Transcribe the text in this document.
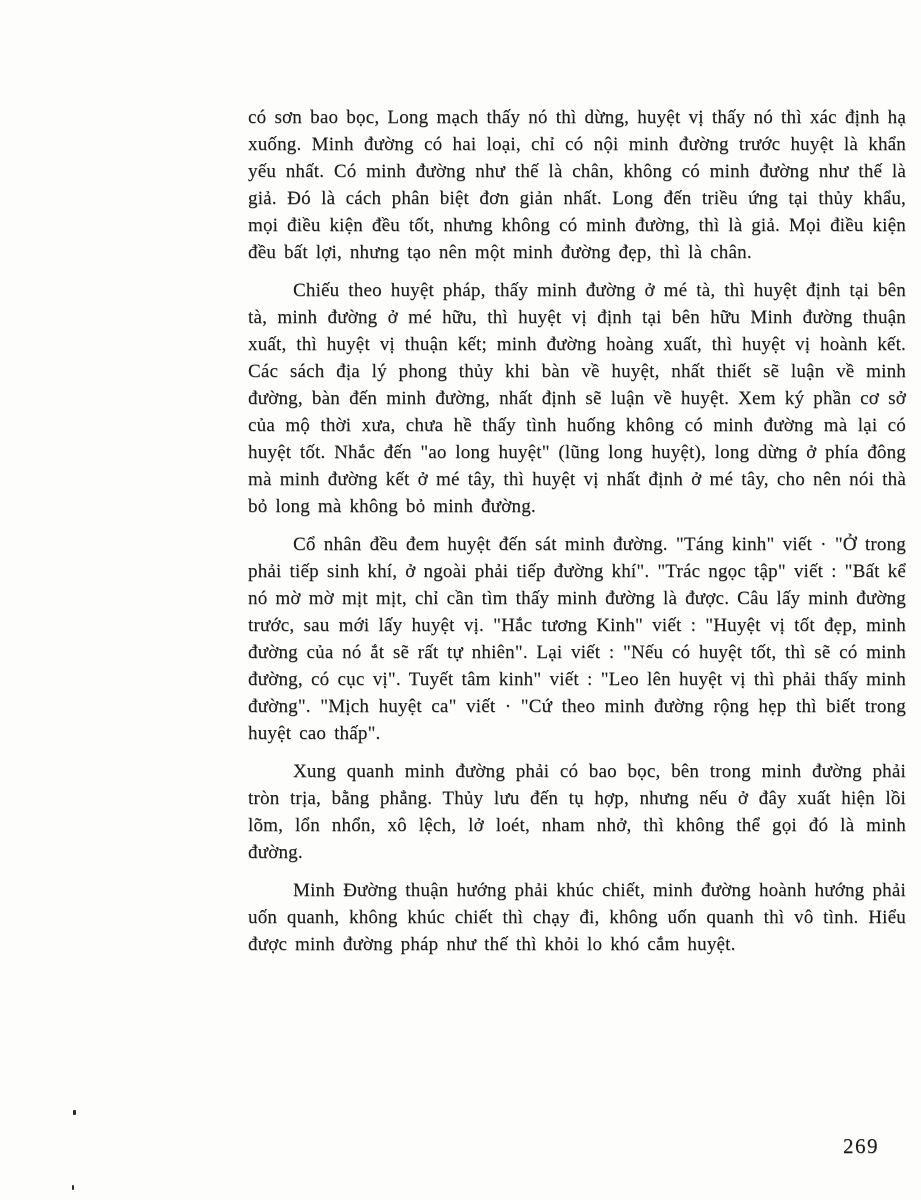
có sơn bao bọc, Long mạch thấy nó thì dừng, huyệt vị thấy nó thì xác định hạ xuống. Minh đường có hai loại, chỉ có nội minh đường trước huyệt là khẩn yếu nhất. Có minh đường như thế là chân, không có minh đường như thế là giả. Đó là cách phân biệt đơn giản nhất. Long đến triều ứng tại thủy khẩu, mọi điều kiện đều tốt, nhưng không có minh đường, thì là giả. Mọi điều kiện đều bất lợi, nhưng tạo nên một minh đường đẹp, thì là chân.

Chiếu theo huyệt pháp, thấy minh đường ở mé tà, thì huyệt định tại bên tà, minh đường ở mé hữu, thì huyệt vị định tại bên hữu Minh đường thuận xuất, thì huyệt vị thuận kết; minh đường hoàng xuất, thì huyệt vị hoành kết. Các sách địa lý phong thủy khi bàn về huyệt, nhất thiết sẽ luận về minh đường, bàn đến minh đường, nhất định sẽ luận về huyệt. Xem ký phần cơ sở của mộ thời xưa, chưa hề thấy tình huống không có minh đường mà lại có huyệt tốt. Nhắc đến "ao long huyệt" (lũng long huyệt), long dừng ở phía đông mà minh đường kết ở mé tây, thì huyệt vị nhất định ở mé tây, cho nên nói thà bỏ long mà không bỏ minh đường.

Cổ nhân đều đem huyệt đến sát minh đường. "Táng kinh" viết · "Ở trong phải tiếp sinh khí, ở ngoài phải tiếp đường khí". "Trác ngọc tập" viết : "Bất kể nó mờ mờ mịt mịt, chỉ cần tìm thấy minh đường là được. Câu lấy minh đường trước, sau mới lấy huyệt vị. "Hắc tương Kinh" viết : "Huyệt vị tốt đẹp, minh đường của nó ắt sẽ rất tự nhiên". Lại viết : "Nếu có huyệt tốt, thì sẽ có minh đường, có cục vị". Tuyết tâm kinh" viết : "Leo lên huyệt vị thì phải thấy minh đường". "Mịch huyệt ca" viết · "Cứ theo minh đường rộng hẹp thì biết trong huyệt cao thấp".

Xung quanh minh đường phải có bao bọc, bên trong minh đường phải tròn trịa, bằng phẳng. Thủy lưu đến tụ hợp, nhưng nếu ở đây xuất hiện lồi lõm, lổn nhổn, xô lệch, lở loét, nham nhở, thì không thể gọi đó là minh đường.

Minh Đường thuận hướng phải khúc chiết, minh đường hoành hướng phải uốn quanh, không khúc chiết thì chạy đi, không uốn quanh thì vô tình. Hiểu được minh đường pháp như thế thì khỏi lo khó cắm huyệt.

269
